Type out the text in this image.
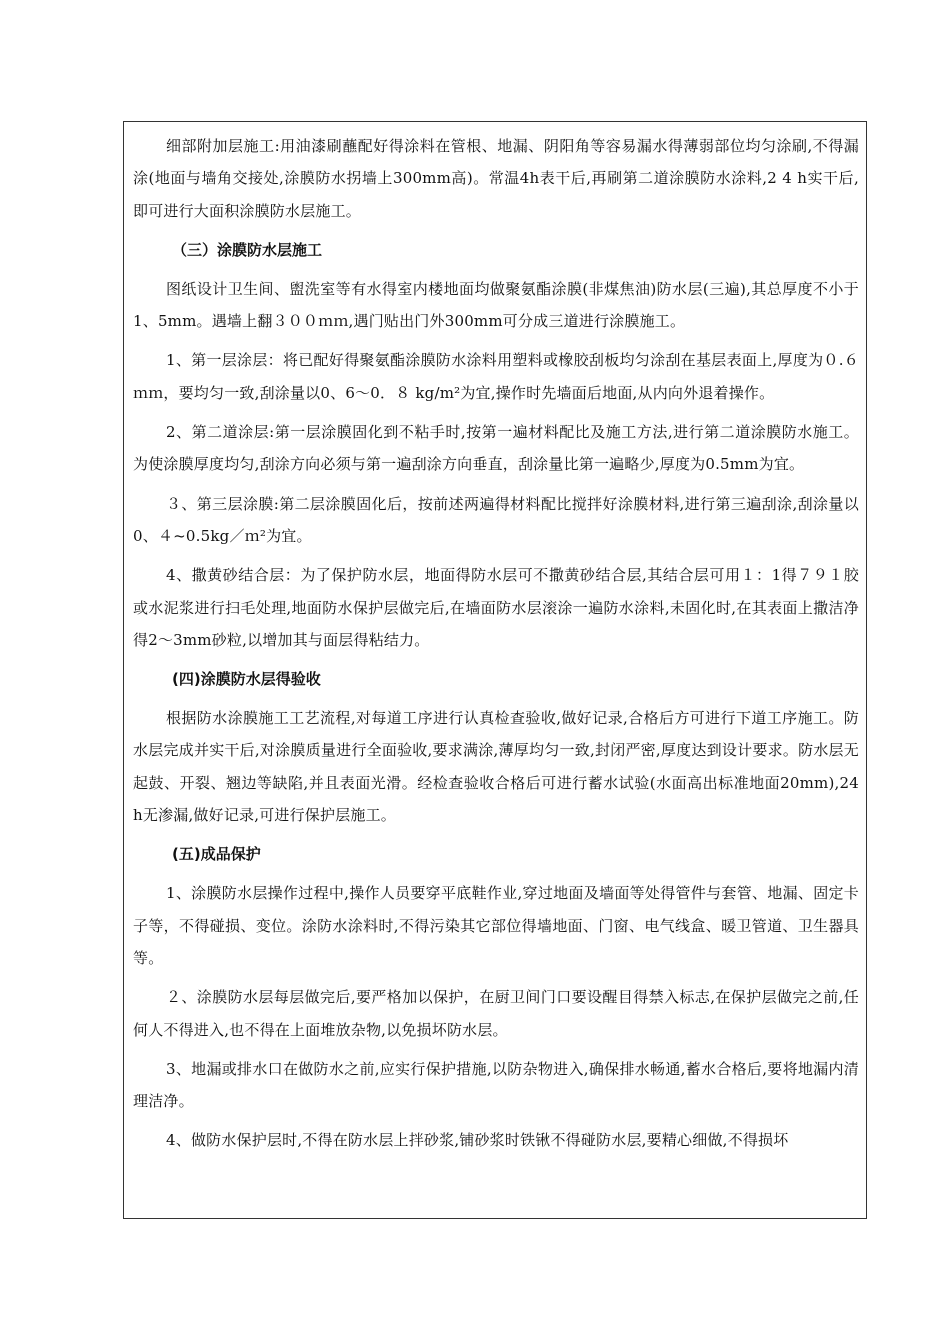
细部附加层施工:用油漆刷蘸配好得涂料在管根、地漏、阴阳角等容易漏水得薄弱部位均匀涂刷,不得漏涂(地面与墙角交接处,涂膜防水拐墙上300mm高)。常温4h表干后,再刷第二道涂膜防水涂料,2 4 h实干后,即可进行大面积涂膜防水层施工。

（三）涂膜防水层施工

图纸设计卫生间、盥洗室等有水得室内楼地面均做聚氨酯涂膜(非煤焦油)防水层(三遍),其总厚度不小于1、5mm。遇墙上翻３００ｍｍ,遇门贴出门外300mm可分成三道进行涂膜施工。

1、第一层涂层：将已配好得聚氨酯涂膜防水涂料用塑料或橡胶刮板均匀涂刮在基层表面上,厚度为０.６ｍｍ，要均匀一致,刮涂量以0、6～0．８ kg/m²为宜,操作时先墙面后地面,从内向外退着操作。

2、第二道涂层:第一层涂膜固化到不粘手时,按第一遍材料配比及施工方法,进行第二道涂膜防水施工。为使涂膜厚度均匀,刮涂方向必须与第一遍刮涂方向垂直，刮涂量比第一遍略少,厚度为0.5mm为宜。

３、第三层涂膜:第二层涂膜固化后，按前述两遍得材料配比搅拌好涂膜材料,进行第三遍刮涂,刮涂量以0、４~0.5kg／ｍ²为宜。

4、撒黄砂结合层：为了保护防水层，地面得防水层可不撒黄砂结合层,其结合层可用１：1得７９１胶或水泥浆进行扫毛处理,地面防水保护层做完后,在墙面防水层滚涂一遍防水涂料,未固化时,在其表面上撒洁净得2～3mm砂粒,以增加其与面层得粘结力。

(四)涂膜防水层得验收

根据防水涂膜施工工艺流程,对每道工序进行认真检查验收,做好记录,合格后方可进行下道工序施工。防水层完成并实干后,对涂膜质量进行全面验收,要求满涂,薄厚均匀一致,封闭严密,厚度达到设计要求。防水层无起鼓、开裂、翘边等缺陷,并且表面光滑。经检查验收合格后可进行蓄水试验(水面高出标准地面20mm),24 h无渗漏,做好记录,可进行保护层施工。

(五)成品保护

1、涂膜防水层操作过程中,操作人员要穿平底鞋作业,穿过地面及墙面等处得管件与套管、地漏、固定卡子等，不得碰损、变位。涂防水涂料时,不得污染其它部位得墙地面、门窗、电气线盒、暖卫管道、卫生器具等。

２、涂膜防水层每层做完后,要严格加以保护，在厨卫间门口要设醒目得禁入标志,在保护层做完之前,任何人不得进入,也不得在上面堆放杂物,以免损坏防水层。

3、地漏或排水口在做防水之前,应实行保护措施,以防杂物进入,确保排水畅通,蓄水合格后,要将地漏内清理洁净。

4、做防水保护层时,不得在防水层上拌砂浆,铺砂浆时铁锹不得碰防水层,要精心细做,不得损坏
